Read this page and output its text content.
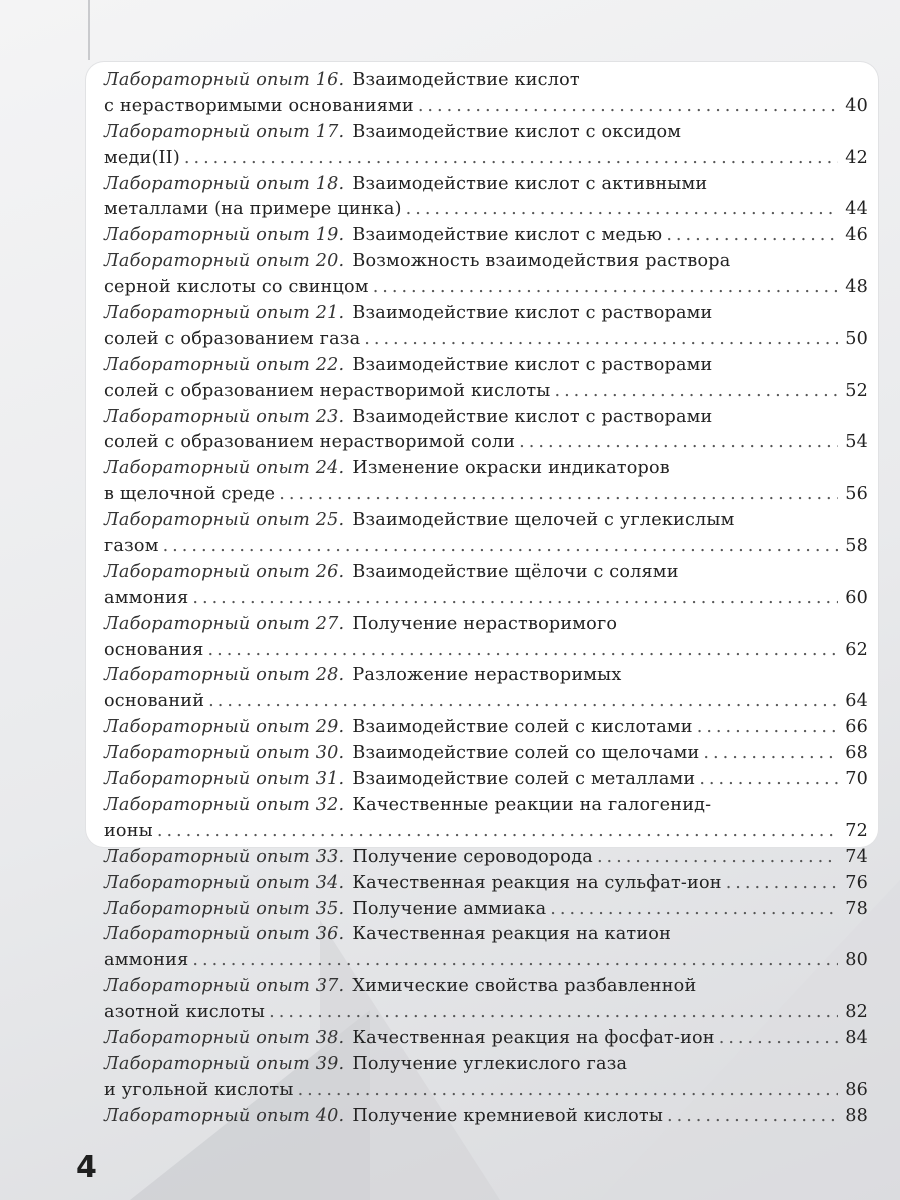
Лабораторный опыт 16. Взаимодействие кислот
с нерастворимыми основаниями .....	40
Лабораторный опыт 17. Взаимодействие кислот с оксидом
меди(II) .....	42
Лабораторный опыт 18. Взаимодействие кислот с активными
металлами (на примере цинка) .....	44
Лабораторный опыт 19. Взаимодействие кислот с медью .....	46
Лабораторный опыт 20. Возможность взаимодействия раствора
серной кислоты со свинцом .....	48
Лабораторный опыт 21. Взаимодействие кислот с растворами
солей с образованием газа .....	50
Лабораторный опыт 22. Взаимодействие кислот с растворами
солей с образованием нерастворимой кислоты .....	52
Лабораторный опыт 23. Взаимодействие кислот с растворами
солей с образованием нерастворимой соли .....	54
Лабораторный опыт 24. Изменение окраски индикаторов
в щелочной среде .....	56
Лабораторный опыт 25. Взаимодействие щелочей с углекислым
газом .....	58
Лабораторный опыт 26. Взаимодействие щёлочи с солями
аммония .....	60
Лабораторный опыт 27. Получение нерастворимого
основания .....	62
Лабораторный опыт 28. Разложение нерастворимых
оснований .....	64
Лабораторный опыт 29. Взаимодействие солей с кислотами .....	66
Лабораторный опыт 30. Взаимодействие солей со щелочами .....	68
Лабораторный опыт 31. Взаимодействие солей с металлами .....	70
Лабораторный опыт 32. Качественные реакции на галогенид-
ионы .....	72
Лабораторный опыт 33. Получение сероводорода .....	74
Лабораторный опыт 34. Качественная реакция на сульфат-ион .....	76
Лабораторный опыт 35. Получение аммиака .....	78
Лабораторный опыт 36. Качественная реакция на катион
аммония .....	80
Лабораторный опыт 37. Химические свойства разбавленной
азотной кислоты .....	82
Лабораторный опыт 38. Качественная реакция на фосфат-ион .....	84
Лабораторный опыт 39. Получение углекислого газа
и угольной кислоты .....	86
Лабораторный опыт 40. Получение кремниевой кислоты .....	88
4
